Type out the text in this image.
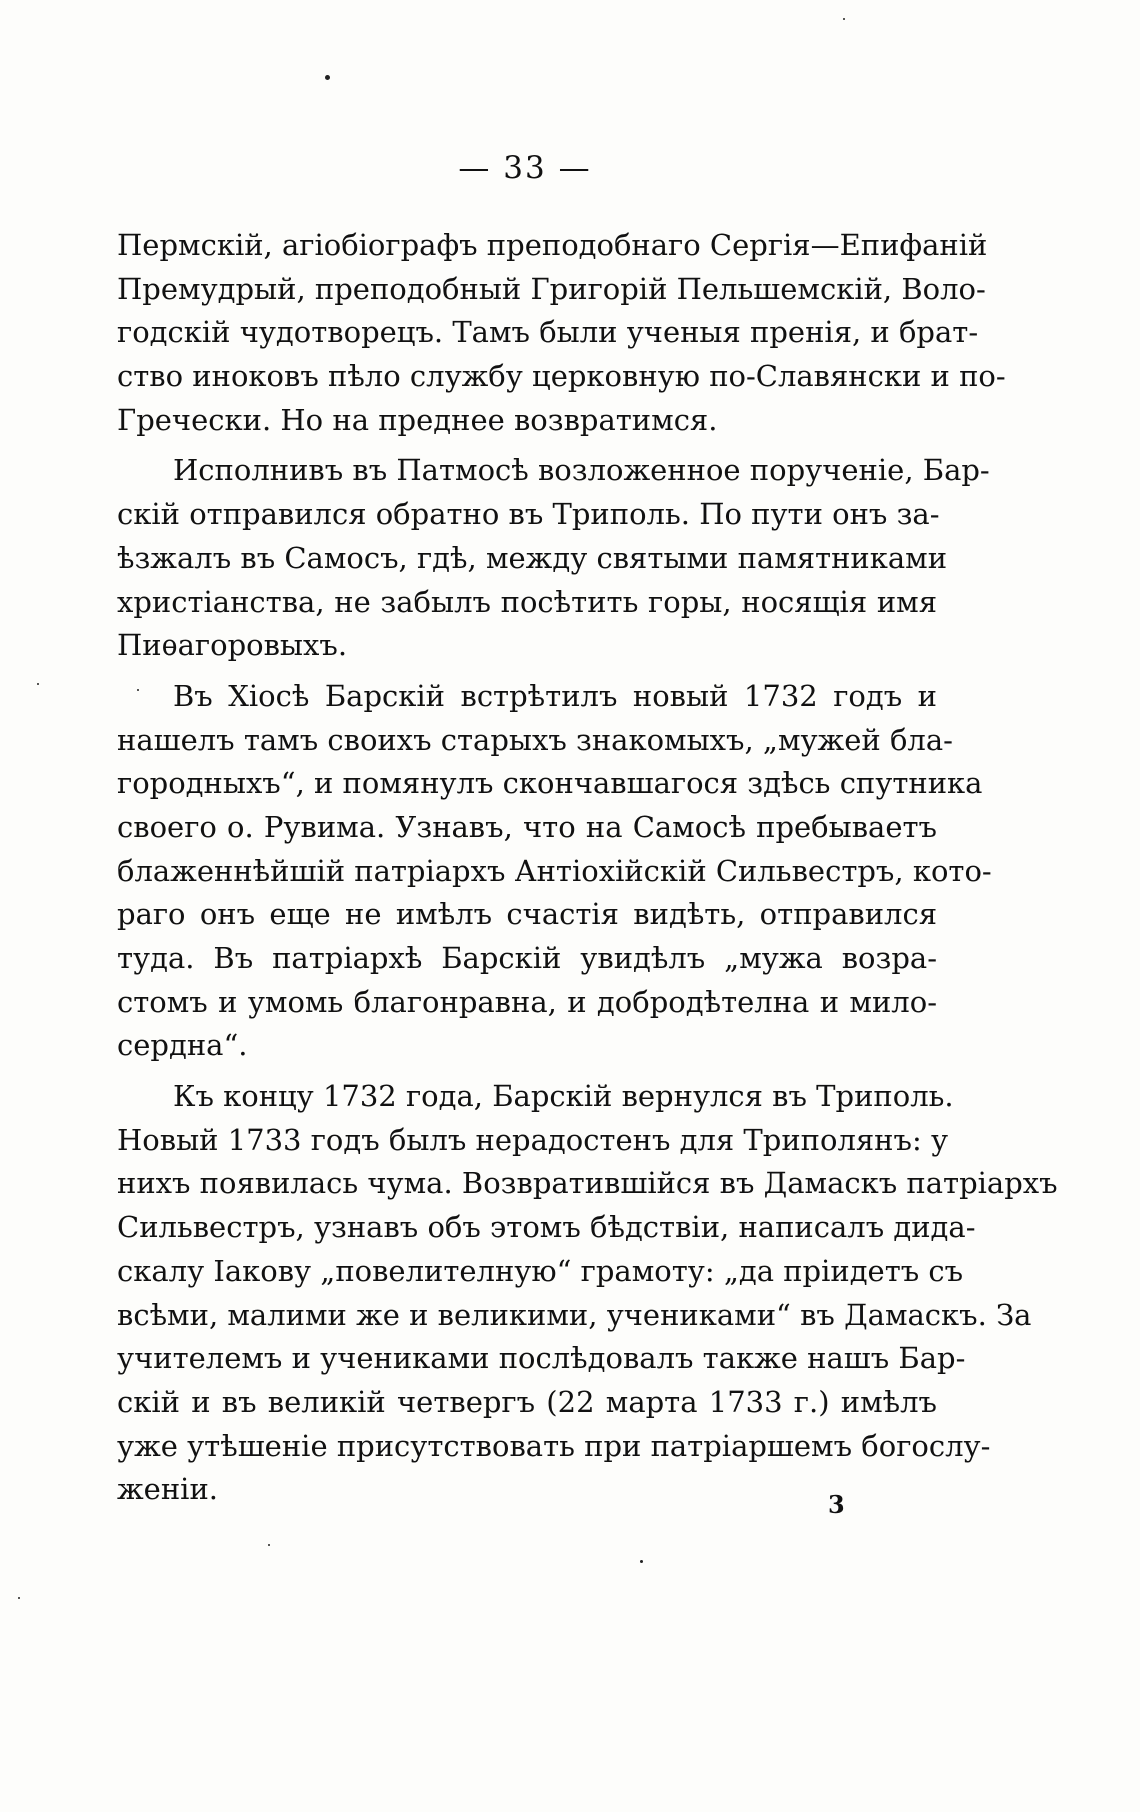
— 33 —
Пермскій, агіобіографъ преподобнаго Сергія—Епифаній
Премудрый, преподобный Григорій Пельшемскій, Воло-
годскій чудотворецъ. Тамъ были ученыя пренія, и брат-
ство иноковъ пѣло службу церковную по-Славянски и по-
Гречески. Но на преднее возвратимся.
Исполнивъ въ Патмосѣ возложенное порученіе, Бар-
скій отправился обратно въ Триполь. По пути онъ за-
ѣзжалъ въ Самосъ, гдѣ, между святыми памятниками
христіанства, не забылъ посѣтить горы, носящія имя
Пиѳагоровыхъ.
Въ Хіосѣ Барскій встрѣтилъ новый 1732 годъ и
нашелъ тамъ своихъ старыхъ знакомыхъ, „мужей бла-
городныхъ“, и помянулъ скончавшагося здѣсь спутника
своего о. Рувима. Узнавъ, что на Самосѣ пребываетъ
блаженнѣйшій патріархъ Антіохійскій Сильвестръ, кото-
раго онъ еще не имѣлъ счастія видѣть, отправился
туда. Въ патріархѣ Барскій увидѣлъ „мужа возра-
стомъ и умомь благонравна, и добродѣтелна и мило-
сердна“.
Къ концу 1732 года, Барскій вернулся въ Триполь.
Новый 1733 годъ былъ нерадостенъ для Триполянъ: у
нихъ появилась чума. Возвратившійся въ Дамаскъ патріархъ
Сильвестръ, узнавъ объ этомъ бѣдствіи, написалъ дида-
скалу Іакову „повелителную“ грамоту: „да пріидетъ съ
всѣми, малими же и великими, учениками“ въ Дамаскъ. За
учителемъ и учениками послѣдовалъ также нашъ Бар-
скій и въ великій четвергъ (22 марта 1733 г.) имѣлъ
уже утѣшеніе присутствовать при патріаршемъ богослу-
женіи.	3
